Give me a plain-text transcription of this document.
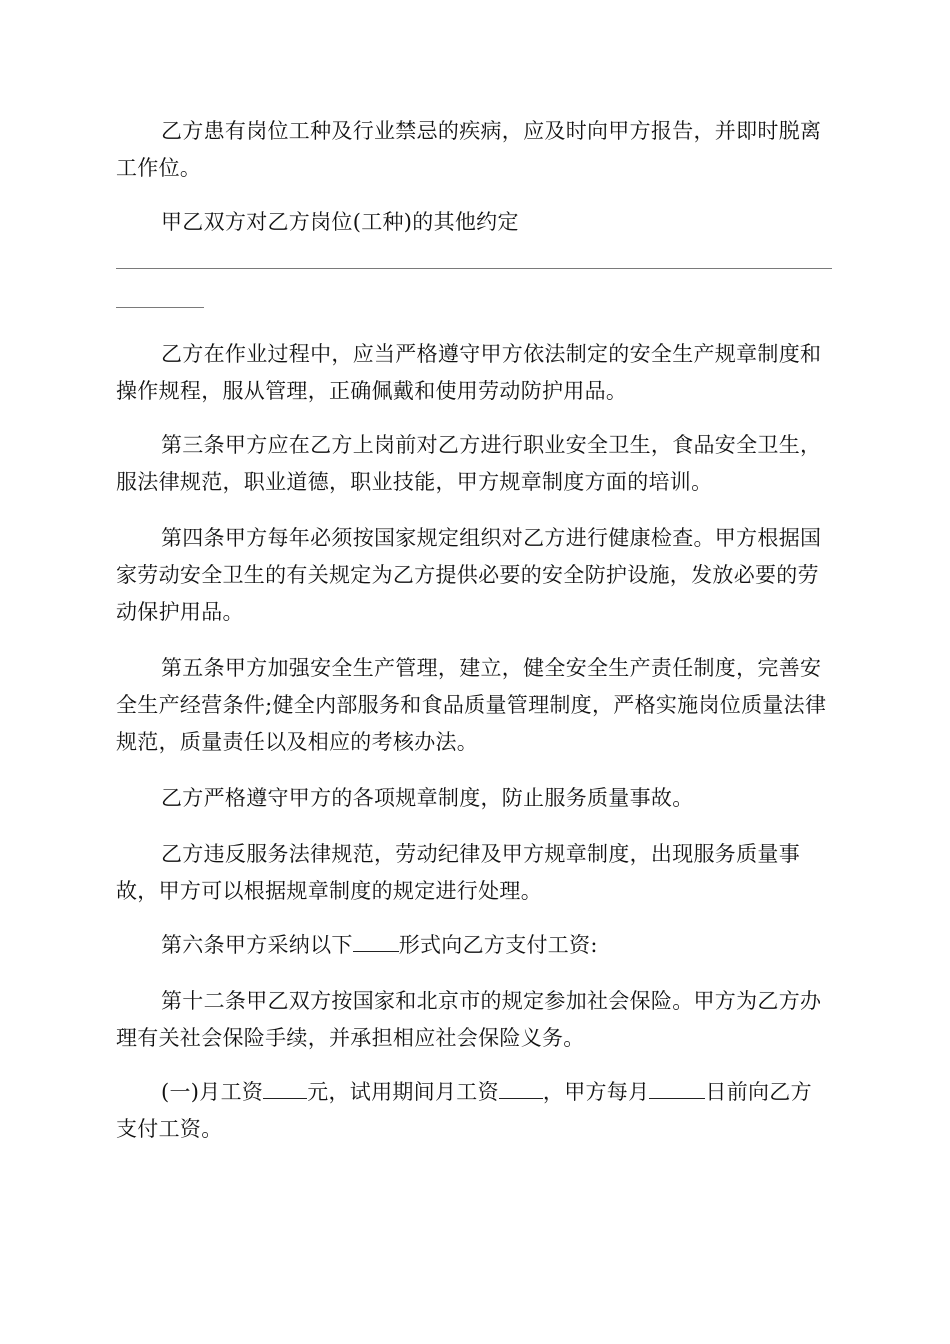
乙方患有岗位工种及行业禁忌的疾病，应及时向甲方报告，并即时脱离工作位。

甲乙双方对乙方岗位(工种)的其他约定

乙方在作业过程中，应当严格遵守甲方依法制定的安全生产规章制度和操作规程，服从管理，正确佩戴和使用劳动防护用品。

第三条甲方应在乙方上岗前对乙方进行职业安全卫生，食品安全卫生，服法律规范，职业道德，职业技能，甲方规章制度方面的培训。

第四条甲方每年必须按国家规定组织对乙方进行健康检查。甲方根据国家劳动安全卫生的有关规定为乙方提供必要的安全防护设施，发放必要的劳动保护用品。

第五条甲方加强安全生产管理，建立，健全安全生产责任制度，完善安全生产经营条件;健全内部服务和食品质量管理制度，严格实施岗位质量法律规范，质量责任以及相应的考核办法。

乙方严格遵守甲方的各项规章制度，防止服务质量事故。

乙方违反服务法律规范，劳动纪律及甲方规章制度，出现服务质量事故，甲方可以根据规章制度的规定进行处理。

第六条甲方采纳以下 形式向乙方支付工资:

第十二条甲乙双方按国家和北京市的规定参加社会保险。甲方为乙方办理有关社会保险手续，并承担相应社会保险义务。

(一)月工资 元，试用期间月工资 ，甲方每月	日前向乙方支付工资。
